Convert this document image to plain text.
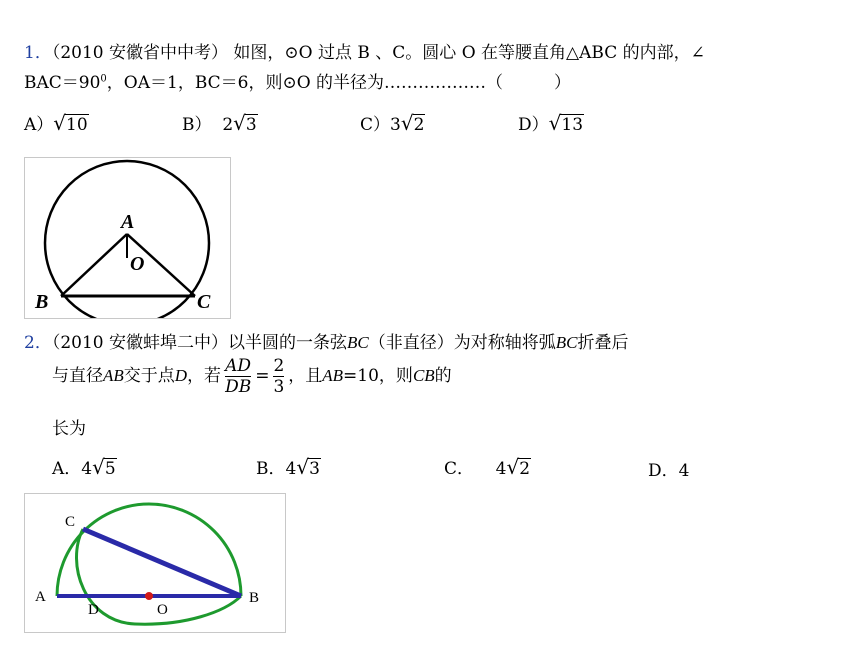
1．（2010 安徽省中中考） 如图，⊙O 过点 B 、C。圆心 O 在等腰直角△ABC 的内部，∠
$BAC=90^0$，OA＝1，BC＝6，则⊙O 的半径为………………（　　　）
A）√10	B） 2√3	C）3√2	D）√13
A
O
B	C
2．（2010 安徽蚌埠二中）以半圆的一条弦BC（非直径）为对称轴将弧BC折叠后
与直径AB交于点D，若 $\frac{AD}{DB} = \frac{2}{3}$ ，且AB=10，则CB的
长为
A．4√5	B．4√3	C． 4√2	D．4
C
A
D	O
B
